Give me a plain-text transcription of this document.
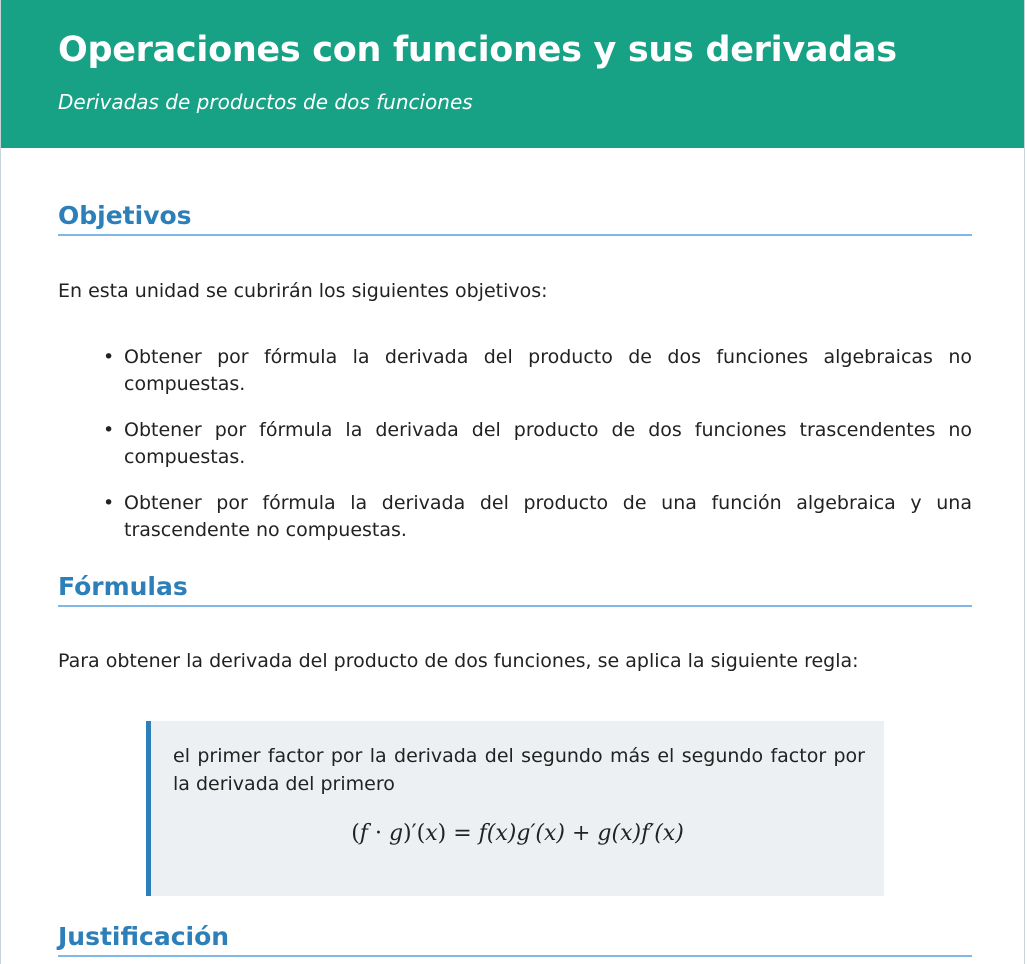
Operaciones con funciones y sus derivadas

Derivadas de productos de dos funciones

Objetivos

En esta unidad se cubrirán los siguientes objetivos:

• Obtener por fórmula la derivada del producto de dos funciones algebraicas no compuestas.
• Obtener por fórmula la derivada del producto de dos funciones trascendentes no compuestas.
• Obtener por fórmula la derivada del producto de una función algebraica y una trascendente no compuestas.
Fórmulas

Para obtener la derivada del producto de dos funciones, se aplica la siguiente regla:

el primer factor por la derivada del segundo más el segundo factor por la derivada del primero

(f · g)′(x) = f(x)g′(x) + g(x)f′(x)
Justificación
